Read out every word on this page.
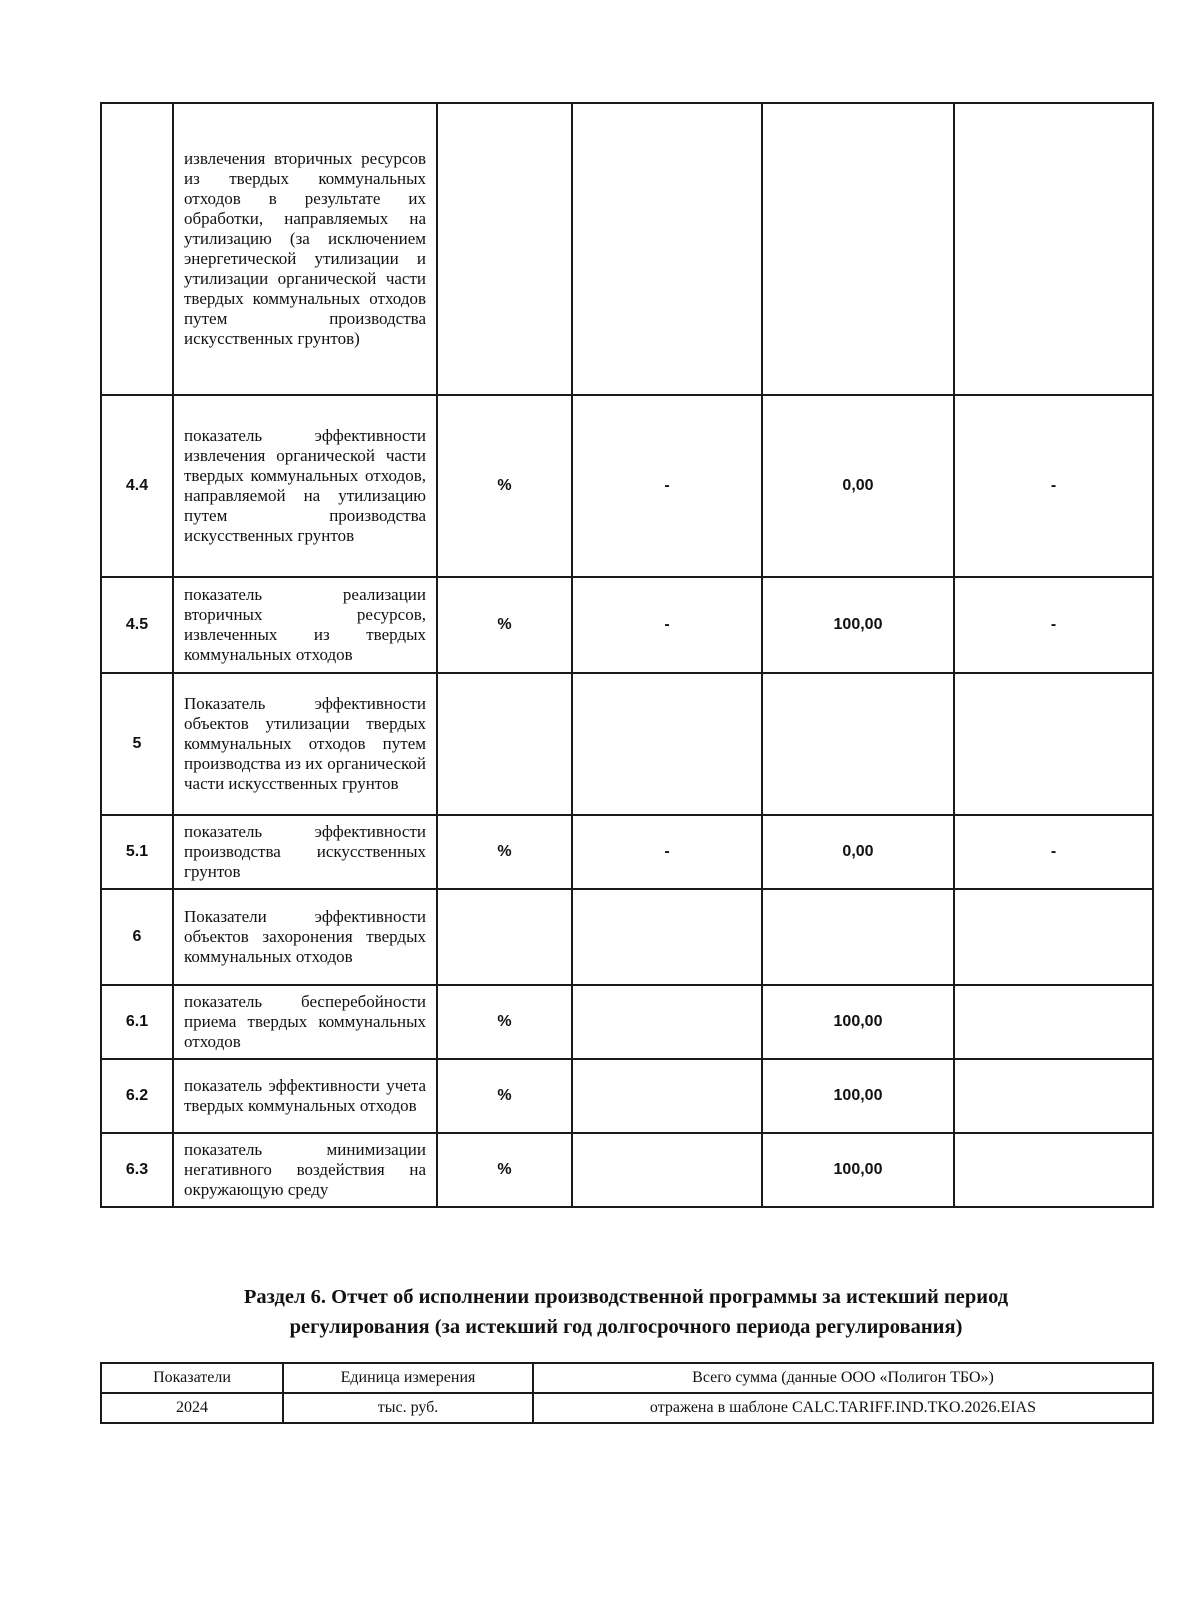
	извлечения вторичных ресурсов из твердых коммунальных отходов в результате их обработки, направляемых на утилизацию (за исключением энергетической утилизации и утилизации органической части твердых коммунальных отходов путем производства искусственных грунтов)				

4.4	показатель эффективности извлечения органической части твердых коммунальных отходов, направляемой на утилизацию путем производства искусственных грунтов	%	-	0,00	-
4.5	показатель реализации вторичных ресурсов, извлеченных из твердых коммунальных отходов	%	-	100,00	-
5	Показатель эффективности объектов утилизации твердых коммунальных отходов путем производства из их органической части искусственных грунтов				

5.1	показатель эффективности производства искусственных грунтов	%	-	0,00	-
6	Показатели эффективности объектов захоронения твердых коммунальных отходов				

6.1	показатель бесперебойности приема твердых коммунальных отходов	%		100,00	
6.2	показатель эффективности учета твердых коммунальных отходов	%		100,00	
6.3	показатель минимизации негативного воздействия на окружающую среду	%		100,00	
Раздел 6. Отчет об исполнении производственной программы за истекший период
регулирования (за истекший год долгосрочного периода регулирования)
Показатели	Единица измерения	Всего сумма (данные ООО «Полигон ТБО»)
2024	тыс. руб.	отражена в шаблоне CALC.TARIFF.IND.TKO.2026.EIAS
